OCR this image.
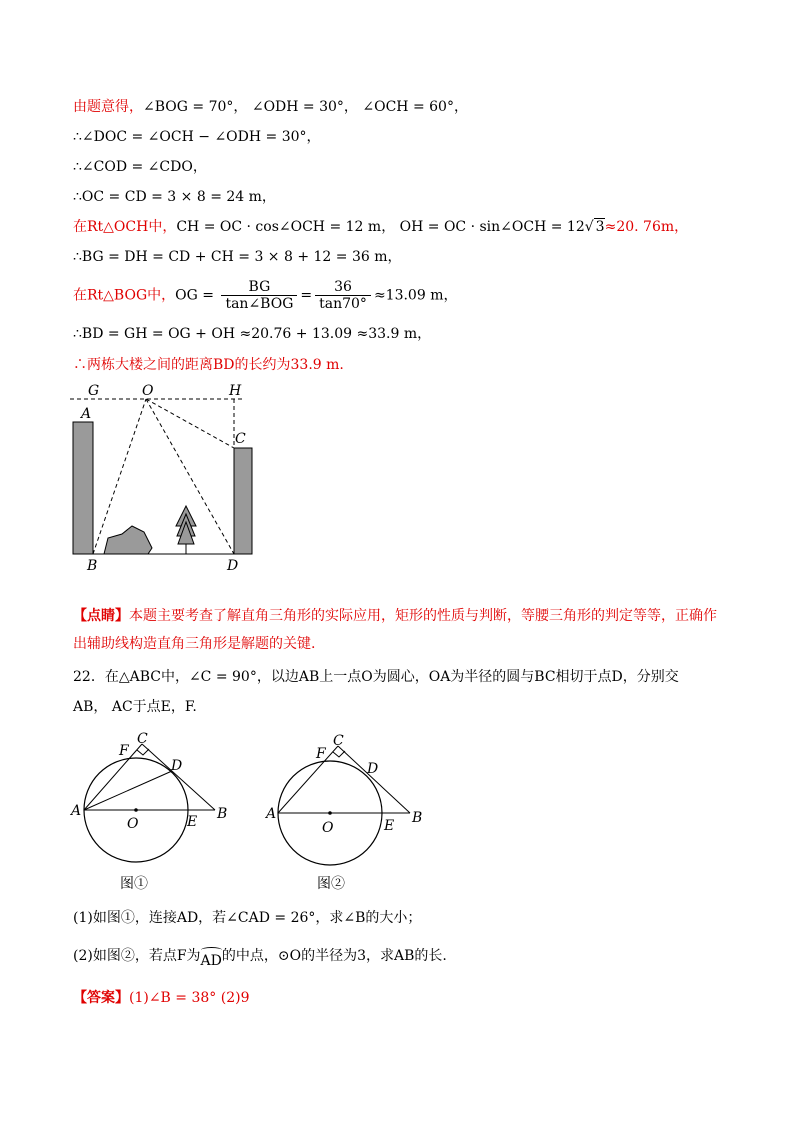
由题意得，∠BOG = 70°， ∠ODH = 30°， ∠OCH = 60°，
∴∠DOC = ∠OCH − ∠ODH = 30°，
∴∠COD = ∠CDO，
∴OC = CD = 3 × 8 = 24 m，
在Rt△OCH中，CH = OC · cos∠OCH = 12 m， OH = OC · sin∠OCH = 12√ 3≈20. 76m，
∴BG = DH = CD + CH = 3 × 8 + 12 = 36 m，
在Rt△BOG中，OG = $\frac{BG}{\text{tan∠BOG}} = \frac{36}{\tan 70^\circ} \approx 13.09$ m，
∴BD = GH = OG + OH ≈20.76 + 13.09 ≈33.9 m，
∴两栋大楼之间的距离BD的长约为33.9 m.
G	O	H
A
C
B	D
【点睛】本题主要考查了解直角三角形的实际应用，矩形的性质与判断，等腰三角形的判定等等，正确作
出辅助线构造直角三角形是解题的关键.
22．在△ABC中，∠C = 90°，以边AB上一点O为圆心，OA为半径的圆与BC相切于点D，分别交
AB， AC于点E，F.
F
C
D
A
O	E B
图①
F
C
D
A
O	E B
图②
(1)如图①，连接AD，若∠CAD = 26°，求∠B的大小；
(2)如图②，若点F为AD的中点，⊙O的半径为3，求AB的长.
【答案】(1)∠B = 38° (2)9
